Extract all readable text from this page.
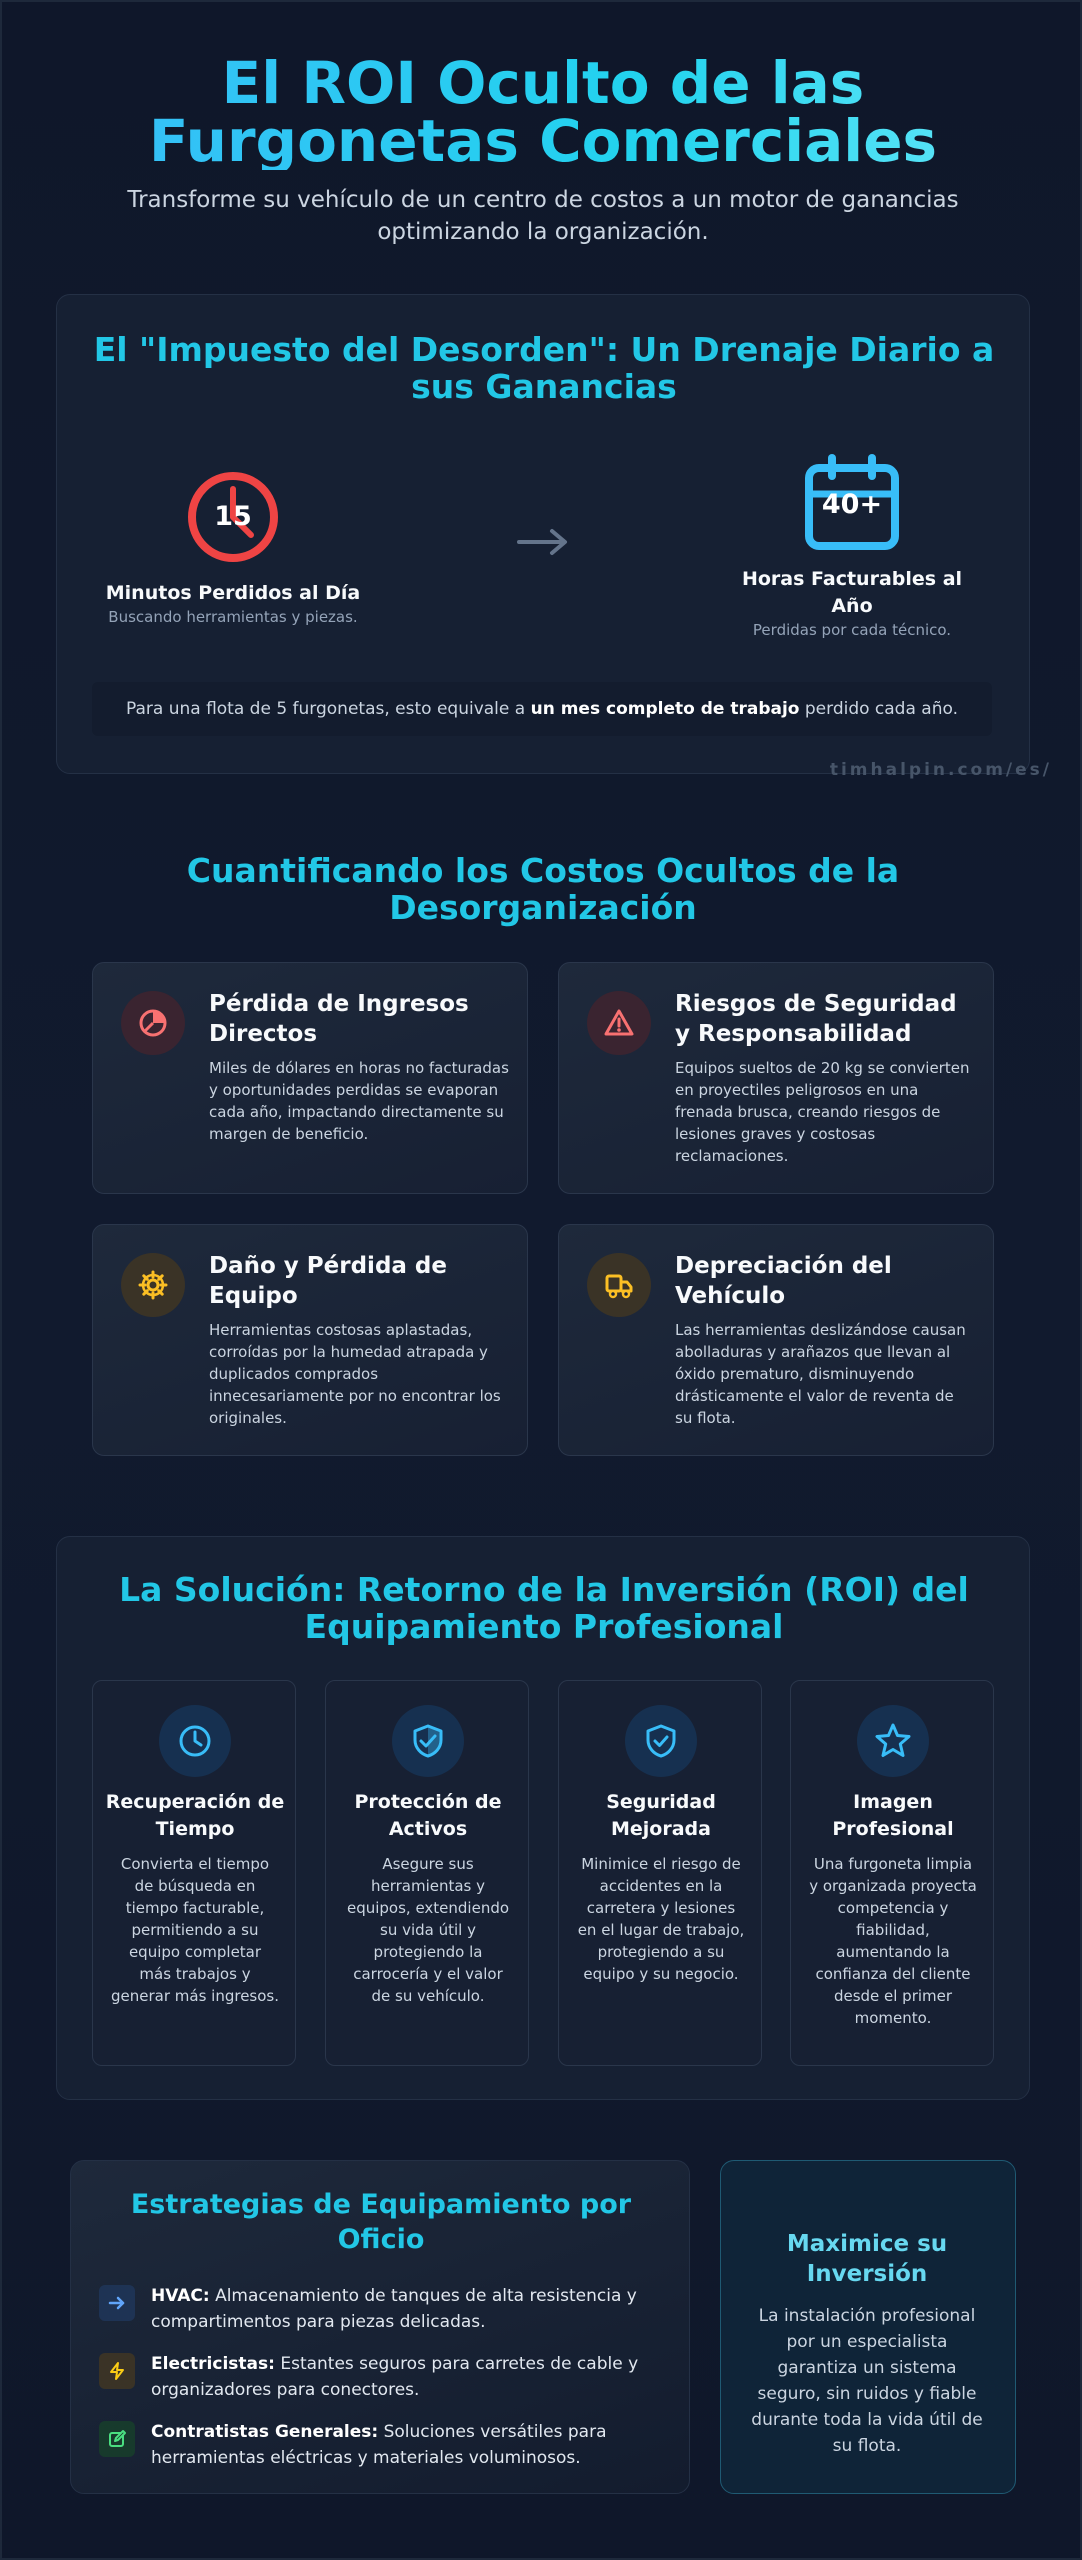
El ROI Oculto de las Furgonetas Comerciales
Transforme su vehículo de un centro de costos a un motor de ganancias optimizando la organización.
El "Impuesto del Desorden": Un Drenaje Diario a sus Ganancias
15
Minutos Perdidos al Día
Buscando herramientas y piezas.
40+
Horas Facturables al Año
Perdidas por cada técnico.
Para una flota de 5 furgonetas, esto equivale a un mes completo de trabajo perdido cada año.
timhalpin.com/es/
Cuantificando los Costos Ocultos de la Desorganización
Pérdida de Ingresos Directos
Miles de dólares en horas no facturadas y oportunidades perdidas se evaporan cada año, impactando directamente su margen de beneficio.
Riesgos de Seguridad y Responsabilidad
Equipos sueltos de 20 kg se convierten en proyectiles peligrosos en una frenada brusca, creando riesgos de lesiones graves y costosas reclamaciones.
Daño y Pérdida de Equipo
Herramientas costosas aplastadas, corroídas por la humedad atrapada y duplicados comprados innecesariamente por no encontrar los originales.
Depreciación del Vehículo
Las herramientas deslizándose causan abolladuras y arañazos que llevan al óxido prematuro, disminuyendo drásticamente el valor de reventa de su flota.
La Solución: Retorno de la Inversión (ROI) del Equipamiento Profesional
Recuperación de Tiempo
Convierta el tiempo de búsqueda en tiempo facturable, permitiendo a su equipo completar más trabajos y generar más ingresos.
Protección de Activos
Asegure sus herramientas y equipos, extendiendo su vida útil y protegiendo la carrocería y el valor de su vehículo.
Seguridad Mejorada
Minimice el riesgo de accidentes en la carretera y lesiones en el lugar de trabajo, protegiendo a su equipo y su negocio.
Imagen Profesional
Una furgoneta limpia y organizada proyecta competencia y fiabilidad, aumentando la confianza del cliente desde el primer momento.
Estrategias de Equipamiento por Oficio
HVAC: Almacenamiento de tanques de alta resistencia y compartimentos para piezas delicadas.
Electricistas: Estantes seguros para carretes de cable y organizadores para conectores.
Contratistas Generales: Soluciones versátiles para herramientas eléctricas y materiales voluminosos.
Maximice su Inversión
La instalación profesional por un especialista garantiza un sistema seguro, sin ruidos y fiable durante toda la vida útil de su flota.
